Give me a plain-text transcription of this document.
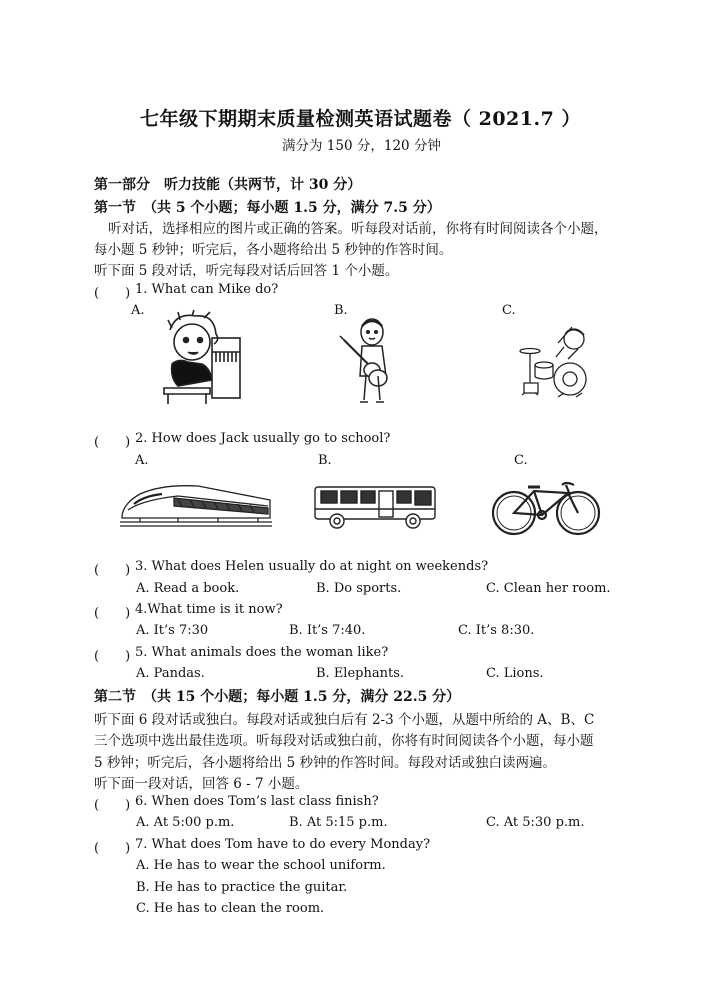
七年级下期期末质量检测英语试题卷（ 2021.7 ）
满分为 150 分，120 分钟
第一部分　听力技能（共两节，计 30 分）
第一节　（共 5 个小题；每小题 1.5 分，满分 7.5 分）
听对话，选择相应的图片或正确的答案。听每段对话前，你将有时间阅读各个小题，
每小题 5 秒钟；听完后，各小题将给出 5 秒钟的作答时间。
听下面 5 段对话，听完每段对话后回答 1 个小题。
(　　) 1. What can Mike do?
A.	B.	C.
(　　) 2. How does Jack usually go to school?
A.	B.	C.
(　　) 3. What does Helen usually do at night on weekends?
A. Read a book.	B. Do sports.	C. Clean her room.
(　　) 4.What time is it now?
A. It’s 7:30	B. It’s 7:40.	C. It’s 8:30.
(　　) 5. What animals does the woman like?
A. Pandas.	B. Elephants.	C. Lions.
第二节　（共 15 个小题；每小题 1.5 分，满分 22.5 分）
听下面 6 段对话或独白。每段对话或独白后有 2-3 个小题，从题中所给的 A、B、C
三个选项中选出最佳选项。听每段对话或独白前，你将有时间阅读各个小题，每小题
5 秒钟；听完后，各小题将给出 5 秒钟的作答时间。每段对话或独白读两遍。
听下面一段对话，回答 6 - 7 小题。
(　　) 6. When does Tom’s last class finish?
A. At 5:00 p.m.	B. At 5:15 p.m.	C. At 5:30 p.m.
(　　) 7. What does Tom have to do every Monday?
A. He has to wear the school uniform.
B. He has to practice the guitar.
C. He has to clean the room.
